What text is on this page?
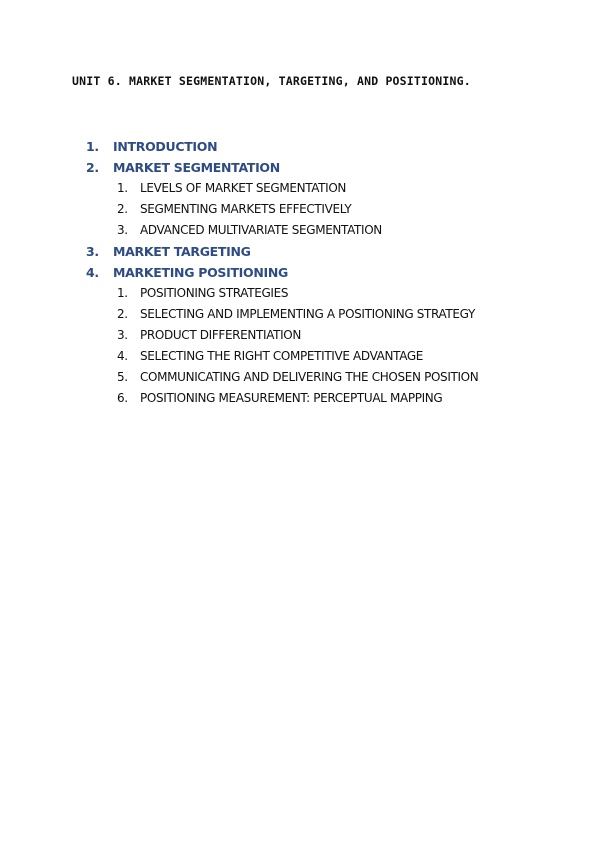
UNIT 6. MARKET SEGMENTATION, TARGETING, AND POSITIONING.
1. INTRODUCTION
2. MARKET SEGMENTATION
1. LEVELS OF MARKET SEGMENTATION
2. SEGMENTING MARKETS EFFECTIVELY
3. ADVANCED MULTIVARIATE SEGMENTATION
3. MARKET TARGETING
4. MARKETING POSITIONING
1. POSITIONING STRATEGIES
2. SELECTING AND IMPLEMENTING A POSITIONING STRATEGY
3. PRODUCT DIFFERENTIATION
4. SELECTING THE RIGHT COMPETITIVE ADVANTAGE
5. COMMUNICATING AND DELIVERING THE CHOSEN POSITION
6. POSITIONING MEASUREMENT: PERCEPTUAL MAPPING
